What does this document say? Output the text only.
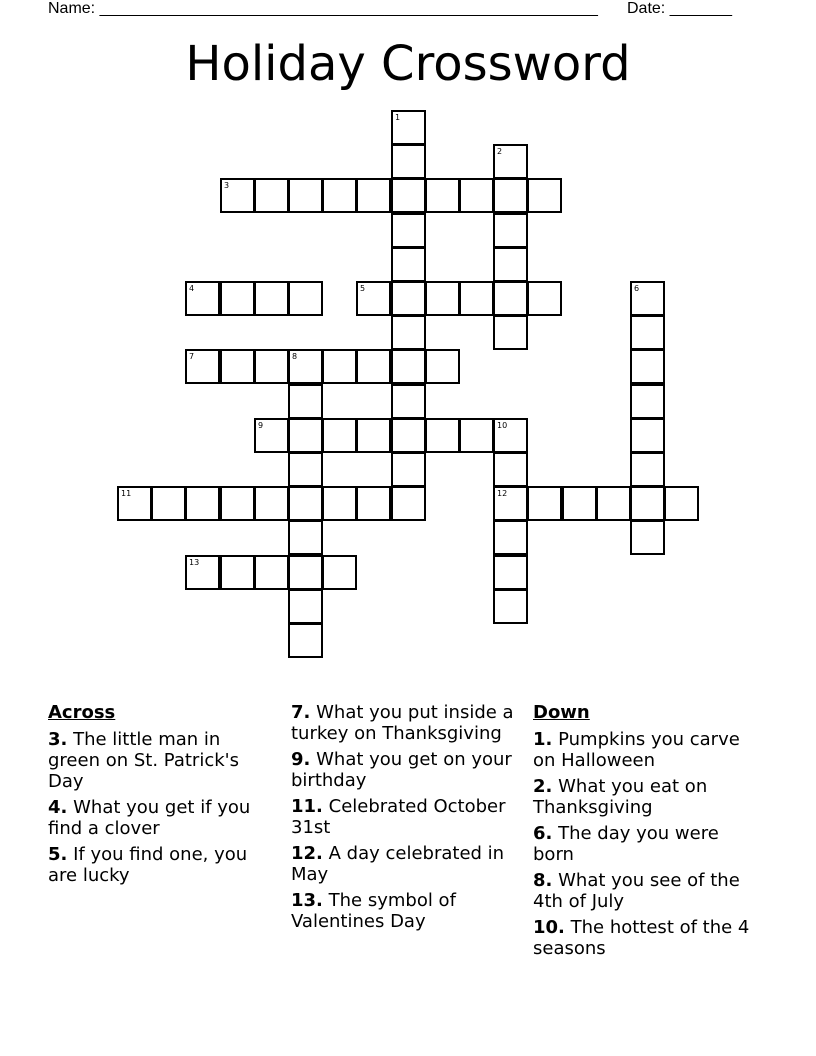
Name: ________________________________________________________ Date: _______
Holiday Crossword
3
4	5
7	8
9	10
11	12
13
1
2
6
Across
3. The little man in green on St. Patrick's Day
4. What you get if you find a clover
5. If you find one, you are lucky
7. What you put inside a turkey on Thanksgiving
9. What you get on your birthday
11. Celebrated October 31st
12. A day celebrated in May
13. The symbol of Valentines Day
Down
1. Pumpkins you carve on Halloween
2. What you eat on Thanksgiving
6. The day you were born
8. What you see of the 4th of July
10. The hottest of the 4 seasons
